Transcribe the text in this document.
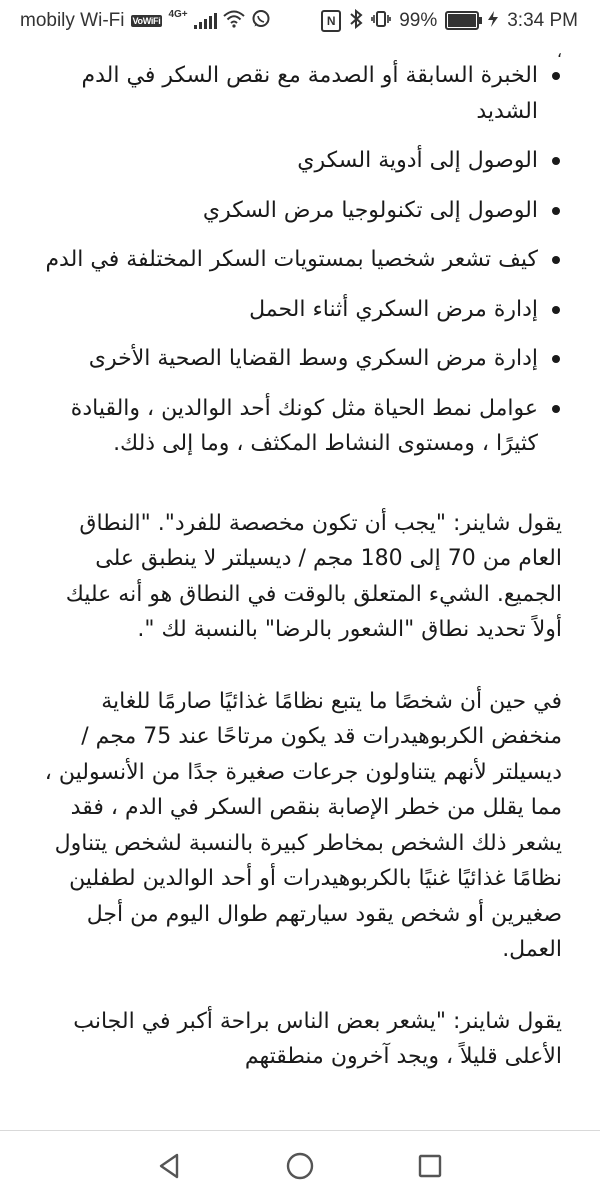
mobily Wi-Fi VoWiFi
4G+	N	99%	3:34 PM
،
الخبرة السابقة أو الصدمة مع نقص السكر في الدم الشديد
الوصول إلى أدوية السكري
الوصول إلى تكنولوجيا مرض السكري
كيف تشعر شخصيا بمستويات السكر المختلفة في الدم
إدارة مرض السكري أثناء الحمل
إدارة مرض السكري وسط القضايا الصحية الأخرى
عوامل نمط الحياة مثل كونك أحد الوالدين ، والقيادة كثيرًا ، ومستوى النشاط المكثف ، وما إلى ذلك.

يقول شاينر: "يجب أن تكون مخصصة للفرد". "النطاق العام من 70 إلى 180 مجم / ديسيلتر لا ينطبق على الجميع. الشيء المتعلق بالوقت في النطاق هو أنه عليك أولاً تحديد نطاق "الشعور بالرضا" بالنسبة لك ".

في حين أن شخصًا ما يتبع نظامًا غذائيًا صارمًا للغاية منخفض الكربوهيدرات قد يكون مرتاحًا عند 75 مجم / ديسيلتر لأنهم يتناولون جرعات صغيرة جدًا من الأنسولين ، مما يقلل من خطر الإصابة بنقص السكر في الدم ، فقد يشعر ذلك الشخص بمخاطر كبيرة بالنسبة لشخص يتناول نظامًا غذائيًا غنيًا بالكربوهيدرات أو أحد الوالدين لطفلين صغيرين أو شخص يقود سيارتهم طوال اليوم من أجل العمل.

يقول شاينر: "يشعر بعض الناس براحة أكبر في الجانب الأعلى قليلاً ، ويجد آخرون منطقتهم
